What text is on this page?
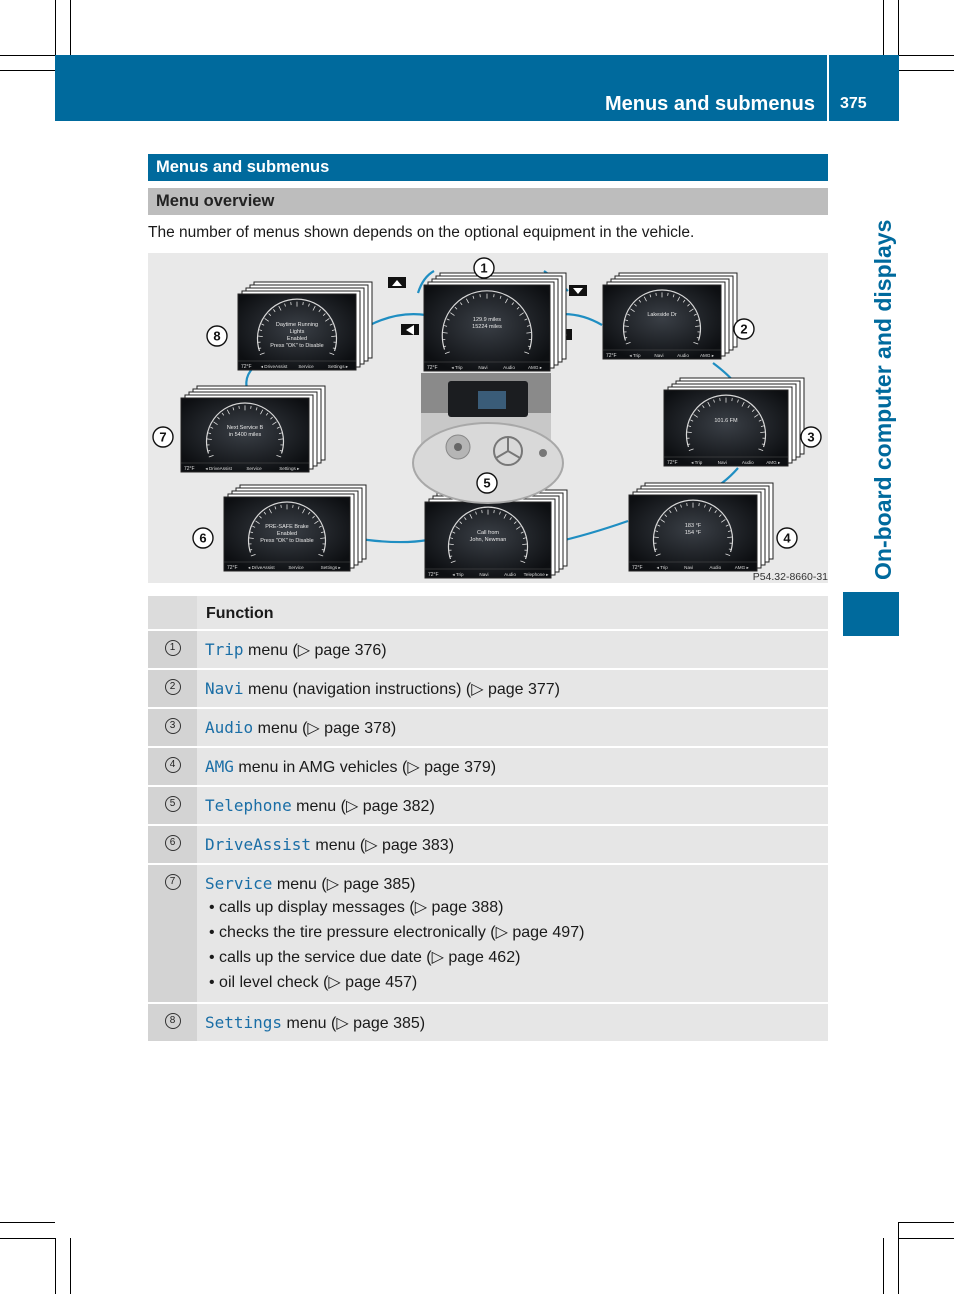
Menus and submenus 375
On-board computer and displays
Menus and submenus
Menu overview
The number of menus shown depends on the optional equipment in the vehicle.
Daytime Running
Lights
Enabled
Press "OK" to Disable
72°F ◂ DriveAssist Service	Settings ▸
129.9 miles
15224 miles
72°F	◂ Trip	Navi	Audio	AMG ▸
Lakeside Dr
72°F	◂ Trip	Navi	Audio AMG ▸
Next Service B
in 5400 miles
72°F ◂ DriveAssist	Service	Settings ▸
101.6 FM
72°F	◂ Trip	Navi	Audio	AMG ▸
PRE-SAFE Brake
Enabled
Press "OK" to Disable
72°F ◂ DriveAssist	Service	Settings ▸
Call from
John, Newman
72°F	◂ Trip	Navi	Audio Telephone ▸
183 °F
154 °F
72°F	◂ Trip	Navi	Audio	AMG ▸
1
2
3
4
5
6
7
8
P54.32-8660-31
Function
1	Trip menu (▷ page 376)
2	Navi menu (navigation instructions) (▷ page 377)
3	Audio menu (▷ page 378)
4	AMG menu in AMG vehicles (▷ page 379)
5	Telephone menu (▷ page 382)
6	DriveAssist menu (▷ page 383)
7	Service menu (▷ page 385)
• calls up display messages (▷ page 388)
• checks the tire pressure electronically (▷ page 497)
• calls up the service due date (▷ page 462)
• oil level check (▷ page 457)
8	Settings menu (▷ page 385)
